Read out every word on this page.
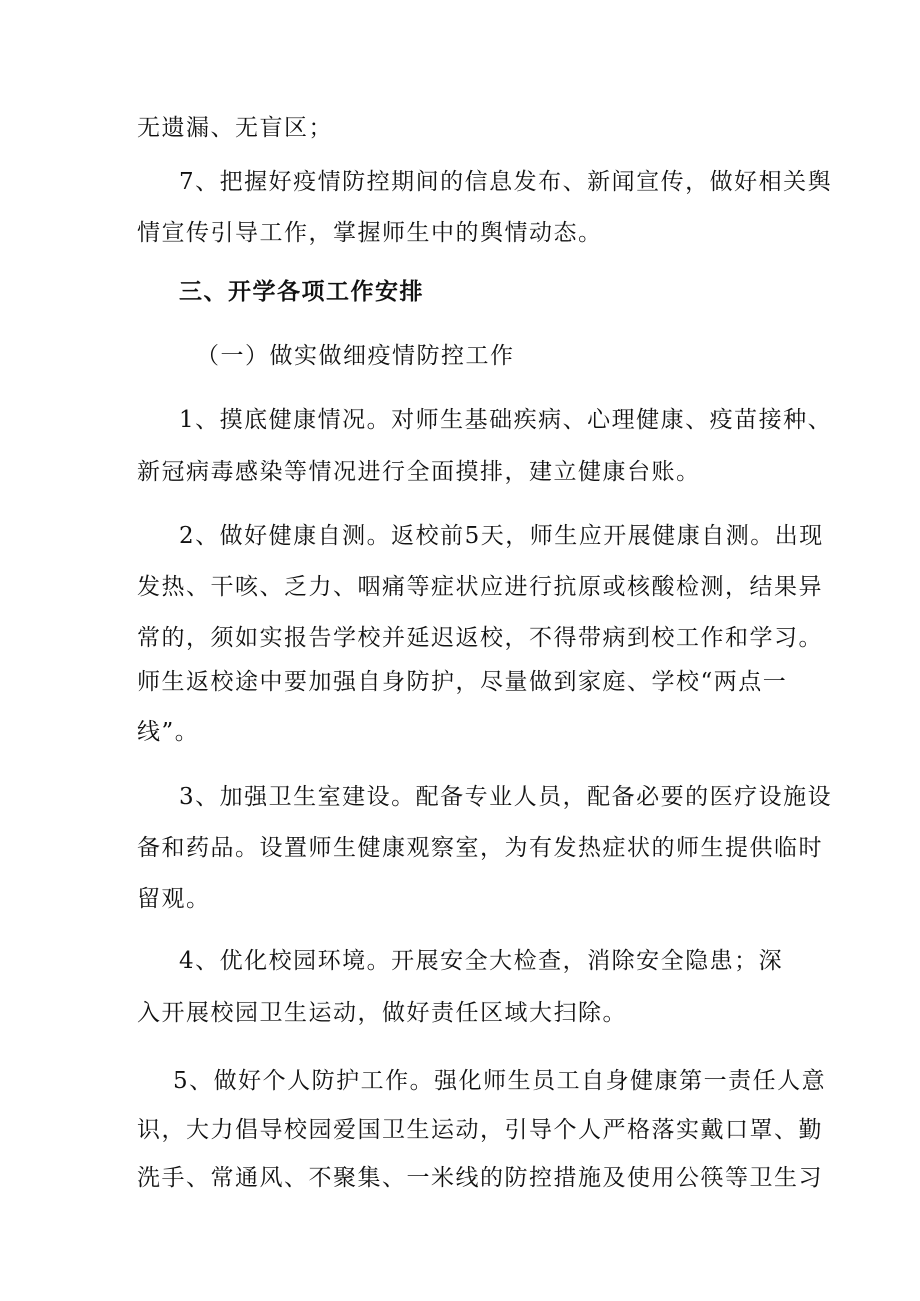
无遗漏、无盲区；
7、把握好疫情防控期间的信息发布、新闻宣传，做好相关舆
情宣传引导工作，掌握师生中的舆情动态。
三、开学各项工作安排
（一）做实做细疫情防控工作
1、摸底健康情况。对师生基础疾病、心理健康、疫苗接种、
新冠病毒感染等情况进行全面摸排，建立健康台账。
2、做好健康自测。返校前5天，师生应开展健康自测。出现
发热、干咳、乏力、咽痛等症状应进行抗原或核酸检测，结果异
常的，须如实报告学校并延迟返校，不得带病到校工作和学习。
师生返校途中要加强自身防护，尽量做到家庭、学校“两点一
线”。
3、加强卫生室建设。配备专业人员，配备必要的医疗设施设
备和药品。设置师生健康观察室，为有发热症状的师生提供临时
留观。
4、优化校园环境。开展安全大检查，消除安全隐患；深
入开展校园卫生运动，做好责任区域大扫除。
5、做好个人防护工作。强化师生员工自身健康第一责任人意
识，大力倡导校园爱国卫生运动，引导个人严格落实戴口罩、勤
洗手、常通风、不聚集、一米线的防控措施及使用公筷等卫生习
